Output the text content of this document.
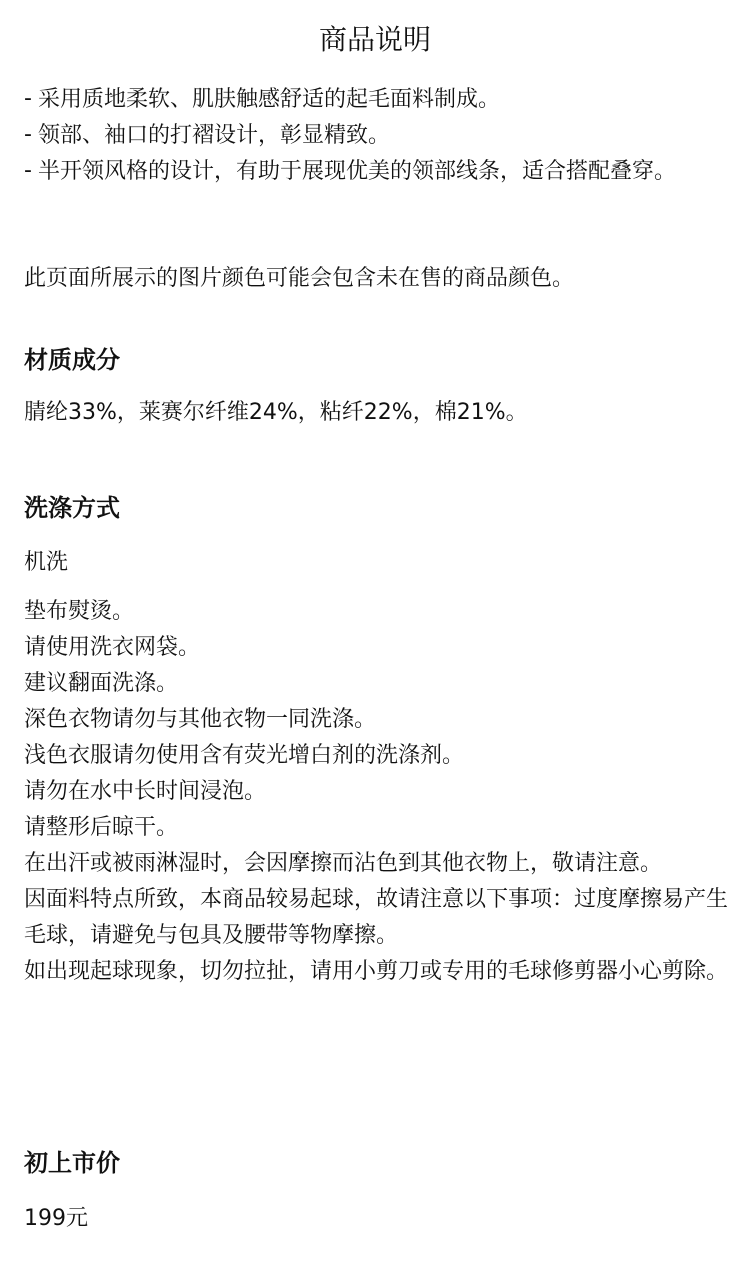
商品说明
- 采用质地柔软、肌肤触感舒适的起毛面料制成。
- 领部、袖口的打褶设计，彰显精致。
- 半开领风格的设计，有助于展现优美的领部线条，适合搭配叠穿。

此页面所展示的图片颜色可能会包含未在售的商品颜色。

材质成分

腈纶33%，莱赛尔纤维24%，粘纤22%，棉21%。

洗涤方式

机洗

垫布熨烫。
请使用洗衣网袋。
建议翻面洗涤。
深色衣物请勿与其他衣物一同洗涤。
浅色衣服请勿使用含有荧光增白剂的洗涤剂。
请勿在水中长时间浸泡。
请整形后晾干。
在出汗或被雨淋湿时，会因摩擦而沾色到其他衣物上，敬请注意。
因面料特点所致，本商品较易起球，故请注意以下事项：过度摩擦易产生毛球，请避免与包具及腰带等物摩擦。
如出现起球现象，切勿拉扯，请用小剪刀或专用的毛球修剪器小心剪除。
初上市价

199元
